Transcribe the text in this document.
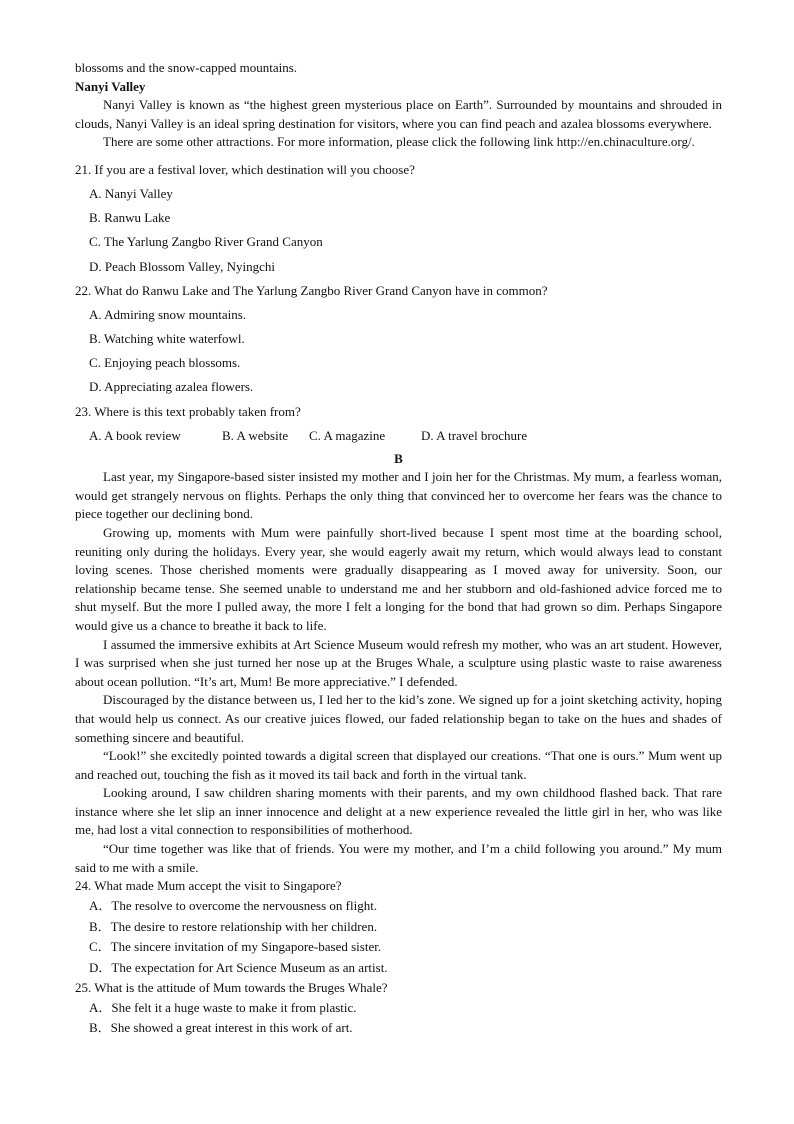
blossoms and the snow-capped mountains.

Nanyi Valley

Nanyi Valley is known as “the highest green mysterious place on Earth”. Surrounded by mountains and shrouded in clouds, Nanyi Valley is an ideal spring destination for visitors, where you can find peach and azalea blossoms everywhere.

There are some other attractions. For more information, please click the following link http://en.chinaculture.org/.

21. If you are a festival lover, which destination will you choose?

A. Nanyi Valley

B. Ranwu Lake

C. The Yarlung Zangbo River Grand Canyon

D. Peach Blossom Valley, Nyingchi

22. What do Ranwu Lake and The Yarlung Zangbo River Grand Canyon have in common?

A. Admiring snow mountains.

B. Watching white waterfowl.

C. Enjoying peach blossoms.

D. Appreciating azalea flowers.

23. Where is this text probably taken from?

A. A book review	B. A website	C. A magazine	D. A travel brochure

B

Last year, my Singapore-based sister insisted my mother and I join her for the Christmas. My mum, a fearless woman, would get strangely nervous on flights. Perhaps the only thing that convinced her to overcome her fears was the chance to piece together our declining bond.

Growing up, moments with Mum were painfully short-lived because I spent most time at the boarding school, reuniting only during the holidays. Every year, she would eagerly await my return, which would always lead to constant loving scenes. Those cherished moments were gradually disappearing as I moved away for university. Soon, our relationship became tense. She seemed unable to understand me and her stubborn and old-fashioned advice forced me to shut myself. But the more I pulled away, the more I felt a longing for the bond that had grown so dim. Perhaps Singapore would give us a chance to breathe it back to life.

I assumed the immersive exhibits at Art Science Museum would refresh my mother, who was an art student. However, I was surprised when she just turned her nose up at the Bruges Whale, a sculpture using plastic waste to raise awareness about ocean pollution. “It’s art, Mum! Be more appreciative.” I defended.

Discouraged by the distance between us, I led her to the kid’s zone. We signed up for a joint sketching activity, hoping that would help us connect. As our creative juices flowed, our faded relationship began to take on the hues and shades of something sincere and beautiful.

“Look!” she excitedly pointed towards a digital screen that displayed our creations. “That one is ours.” Mum went up and reached out, touching the fish as it moved its tail back and forth in the virtual tank.

Looking around, I saw children sharing moments with their parents, and my own childhood flashed back. That rare instance where she let slip an inner innocence and delight at a new experience revealed the little girl in her, who was like me, had lost a vital connection to responsibilities of motherhood.

“Our time together was like that of friends. You were my mother, and I’m a child following you around.” My mum said to me with a smile.

24. What made Mum accept the visit to Singapore?

A．The resolve to overcome the nervousness on flight.

B．The desire to restore relationship with her children.

C．The sincere invitation of my Singapore-based sister.

D．The expectation for Art Science Museum as an artist.

25. What is the attitude of Mum towards the Bruges Whale?

A．She felt it a huge waste to make it from plastic.

B．She showed a great interest in this work of art.
